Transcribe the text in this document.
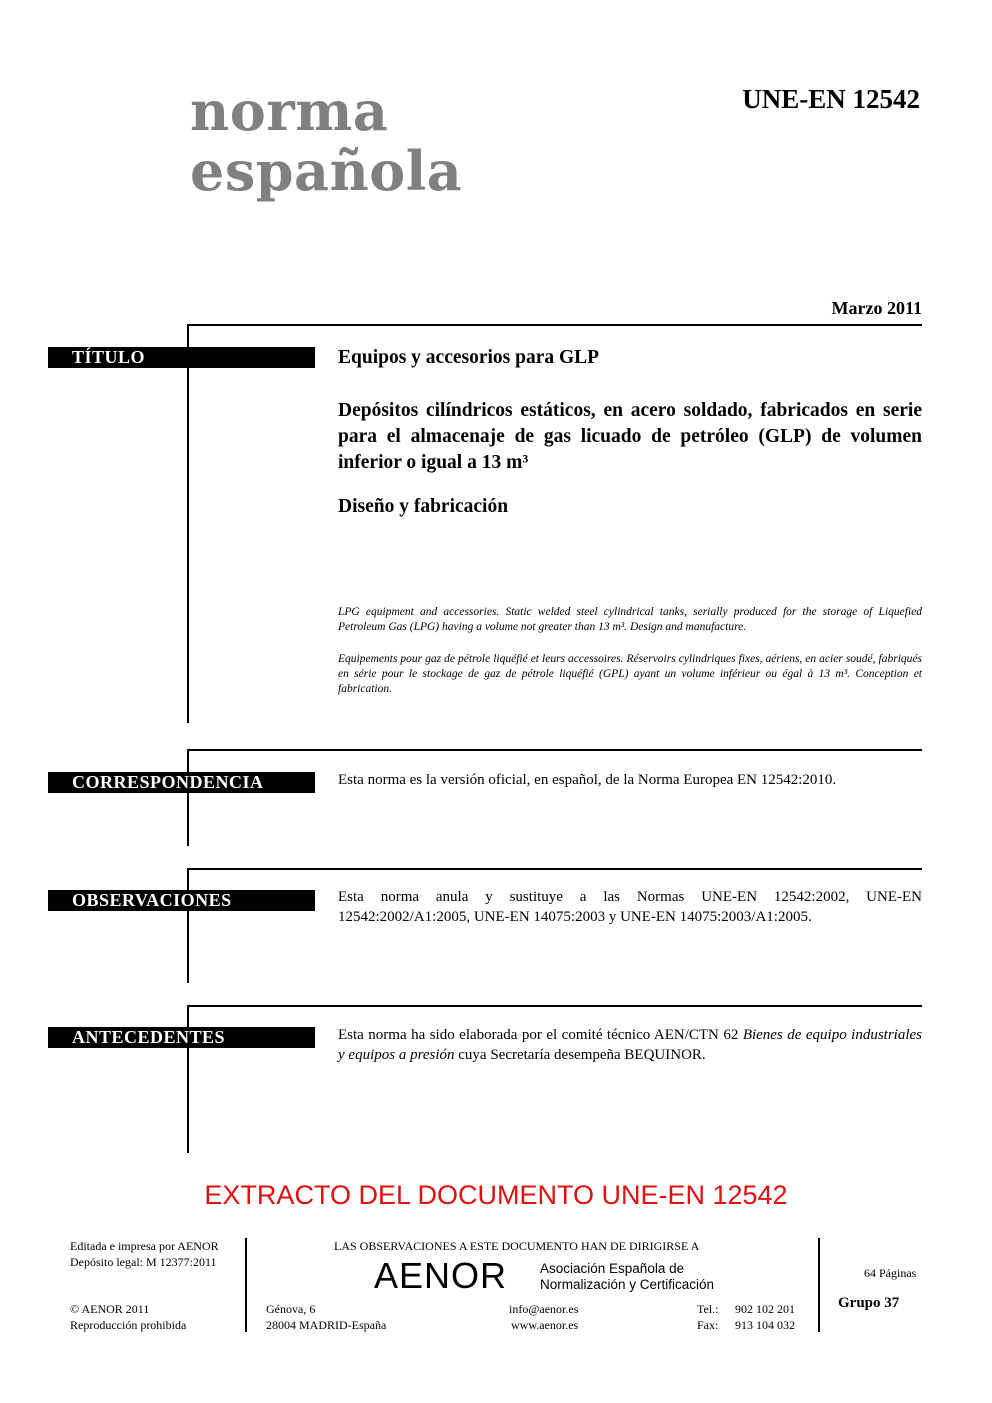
norma
española
UNE-EN 12542
Marzo 2011
TÍTULO	Equipos y accesorios para GLP
Depósitos cilíndricos estáticos, en acero soldado, fabricados en serie para el almacenaje de gas licuado de petróleo (GLP) de volumen inferior o igual a 13 m³
Diseño y fabricación
LPG equipment and accessories. Static welded steel cylindrical tanks, serially produced for the storage of Liquefied Petroleum Gas (LPG) having a volume not greater than 13 m³. Design and manufacture.
Equipements pour gaz de pétrole liquéfié et leurs accessoires. Réservoirs cylindriques fixes, aériens, en acier soudé, fabriqués en série pour le stockage de gaz de pétrole liquéfié (GPL) ayant un volume inférieur ou égal à 13 m³. Conception et fabrication.
CORRESPONDENCIA	Esta norma es la versión oficial, en español, de la Norma Europea EN 12542:2010.
OBSERVACIONES	Esta norma anula y sustituye a las Normas UNE-EN 12542:2002, UNE-EN 12542:2002/A1:2005, UNE-EN 14075:2003 y UNE-EN 14075:2003/A1:2005.
ANTECEDENTES	Esta norma ha sido elaborada por el comité técnico AEN/CTN 62 Bienes de equipo industriales y equipos a presión cuya Secretaría desempeña BEQUINOR.
EXTRACTO DEL DOCUMENTO UNE-EN 12542
Editada e impresa por AENOR
Depósito legal: M 12377:2011
© AENOR 2011
Reproducción prohibida
LAS OBSERVACIONES A ESTE DOCUMENTO HAN DE DIRIGIRSE A
AENOR Asociación Española de
Normalización y Certificación
Génova, 6
28004 MADRID-España
info@aenor.es
www.aenor.es
Tel.: 902 102 201
Fax: 913 104 032
64 Páginas
Grupo 37
